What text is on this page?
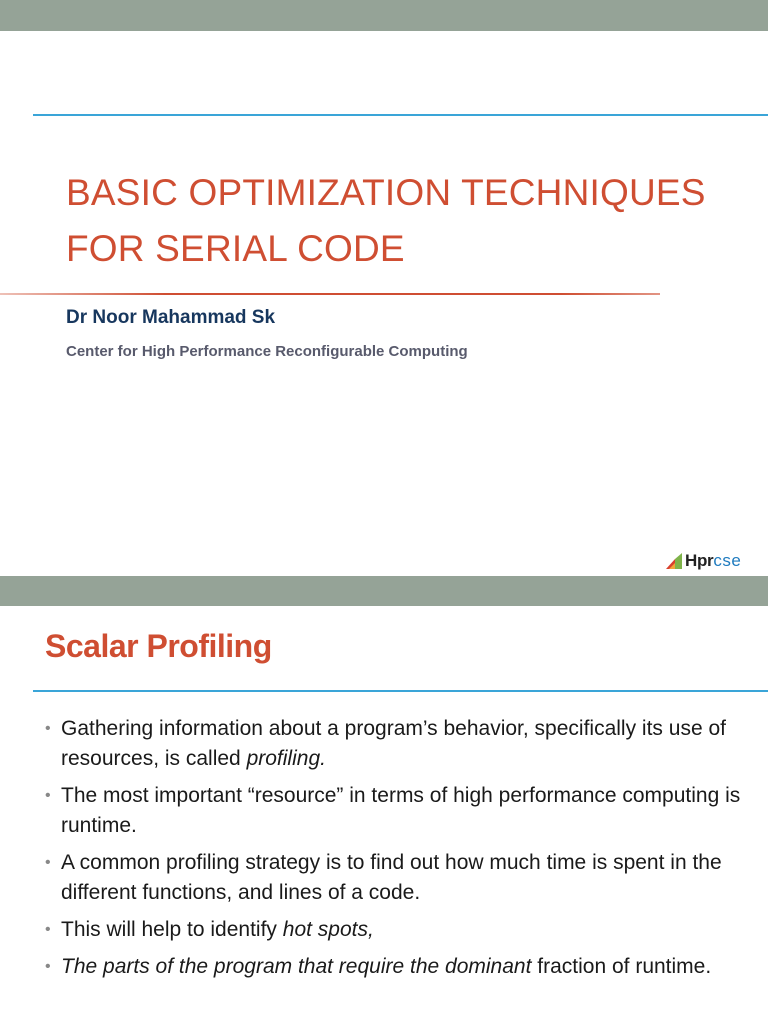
BASIC OPTIMIZATION TECHNIQUES
FOR SERIAL CODE

Dr Noor Mahammad Sk

Center for High Performance Reconfigurable Computing

Hprcse
Scalar Profiling
• Gathering information about a program’s behavior, specifically its use of resources, is called profiling.
• The most important “resource” in terms of high performance computing is runtime.
• A common profiling strategy is to find out how much time is spent in the different functions, and lines of a code.
• This will help to identify hot spots,
• The parts of the program that require the dominant fraction of runtime.
